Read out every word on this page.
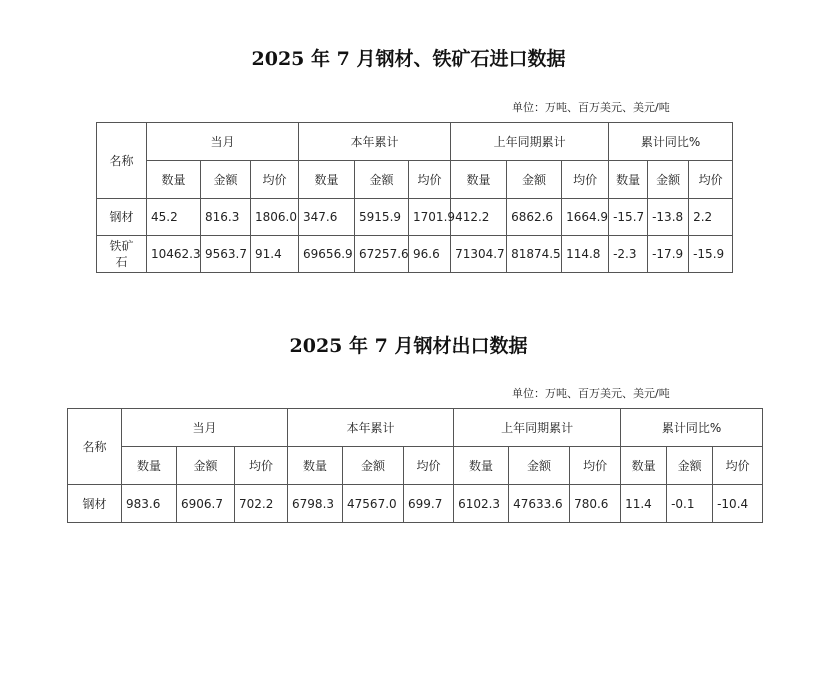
2025 年 7 月钢材、铁矿石进口数据
单位：万吨、百万美元、美元/吨
名称	当月			本年累计			上年同期累计			累计同比%		
	数量	金额	均价	数量	金额	均价	数量	金额	均价	数量	金额	均价
钢材	45.2	816.3	1806.0	347.6	5915.9	1701.9	412.2	6862.6	1664.9	-15.7	-13.8	2.2
铁矿
石	10462.3	9563.7	91.4	69656.9	67257.6	96.6	71304.7	81874.5	114.8	-2.3	-17.9	-15.9
2025 年 7 月钢材出口数据
单位：万吨、百万美元、美元/吨
名称	当月			本年累计			上年同期累计			累计同比%		
	数量	金额	均价	数量	金额	均价	数量	金额	均价	数量	金额	均价
钢材	983.6	6906.7	702.2	6798.3	47567.0	699.7	6102.3	47633.6	780.6	11.4	-0.1	-10.4
